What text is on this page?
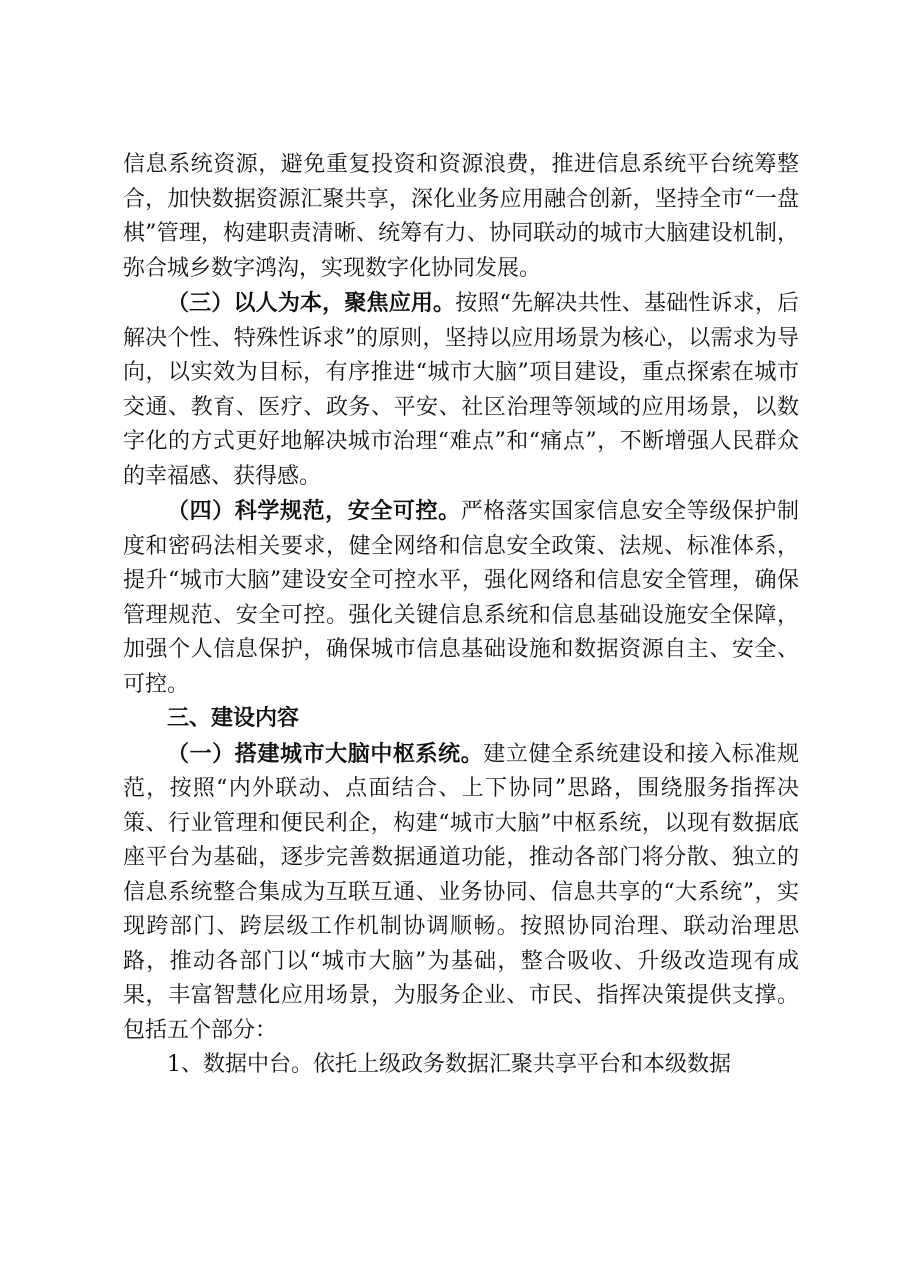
信息系统资源，避免重复投资和资源浪费，推进信息系统平台统筹整合，加快数据资源汇聚共享，深化业务应用融合创新，坚持全市“一盘棋”管理，构建职责清晰、统筹有力、协同联动的城市大脑建设机制，弥合城乡数字鸿沟，实现数字化协同发展。

（三）以人为本，聚焦应用。按照“先解决共性、基础性诉求，后解决个性、特殊性诉求”的原则，坚持以应用场景为核心，以需求为导向，以实效为目标，有序推进“城市大脑”项目建设，重点探索在城市交通、教育、医疗、政务、平安、社区治理等领域的应用场景，以数字化的方式更好地解决城市治理“难点”和“痛点”，不断增强人民群众的幸福感、获得感。

（四）科学规范，安全可控。严格落实国家信息安全等级保护制度和密码法相关要求，健全网络和信息安全政策、法规、标准体系，提升“城市大脑”建设安全可控水平，强化网络和信息安全管理，确保管理规范、安全可控。强化关键信息系统和信息基础设施安全保障，加强个人信息保护，确保城市信息基础设施和数据资源自主、安全、可控。

三、建设内容

（一）搭建城市大脑中枢系统。建立健全系统建设和接入标准规范，按照“内外联动、点面结合、上下协同”思路，围绕服务指挥决策、行业管理和便民利企，构建“城市大脑”中枢系统，以现有数据底座平台为基础，逐步完善数据通道功能，推动各部门将分散、独立的信息系统整合集成为互联互通、业务协同、信息共享的“大系统”，实现跨部门、跨层级工作机制协调顺畅。按照协同治理、联动治理思路，推动各部门以“城市大脑”为基础，整合吸收、升级改造现有成果，丰富智慧化应用场景，为服务企业、市民、指挥决策提供支撑。包括五个部分：

1、数据中台。依托上级政务数据汇聚共享平台和本级数据
